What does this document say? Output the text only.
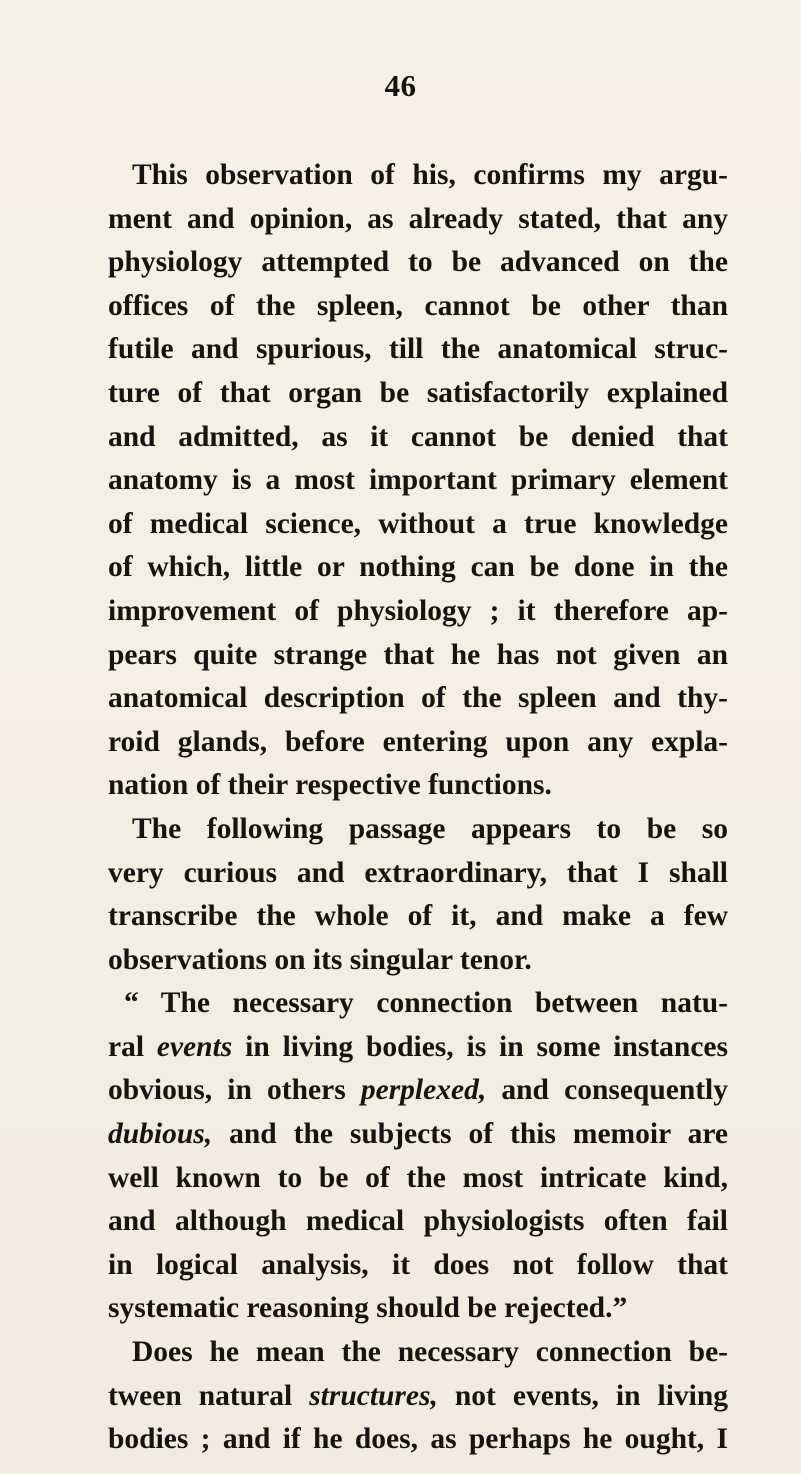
46
This observation of his, confirms my argu-
ment and opinion, as already stated, that any
physiology attempted to be advanced on the
offices of the spleen, cannot be other than
futile and spurious, till the anatomical struc-
ture of that organ be satisfactorily explained
and admitted, as it cannot be denied that
anatomy is a most important primary element
of medical science, without a true knowledge
of which, little or nothing can be done in the
improvement of physiology ; it therefore ap-
pears quite strange that he has not given an
anatomical description of the spleen and thy-
roid glands, before entering upon any expla-
nation of their respective functions.
The following passage appears to be so
very curious and extraordinary, that I shall
transcribe the whole of it, and make a few
observations on its singular tenor.
“ The necessary connection between natu-
ral events in living bodies, is in some instances
obvious, in others perplexed, and consequently
dubious, and the subjects of this memoir are
well known to be of the most intricate kind,
and although medical physiologists often fail
in logical analysis, it does not follow that
systematic reasoning should be rejected.”
Does he mean the necessary connection be-
tween natural structures, not events, in living
bodies ; and if he does, as perhaps he ought, I
